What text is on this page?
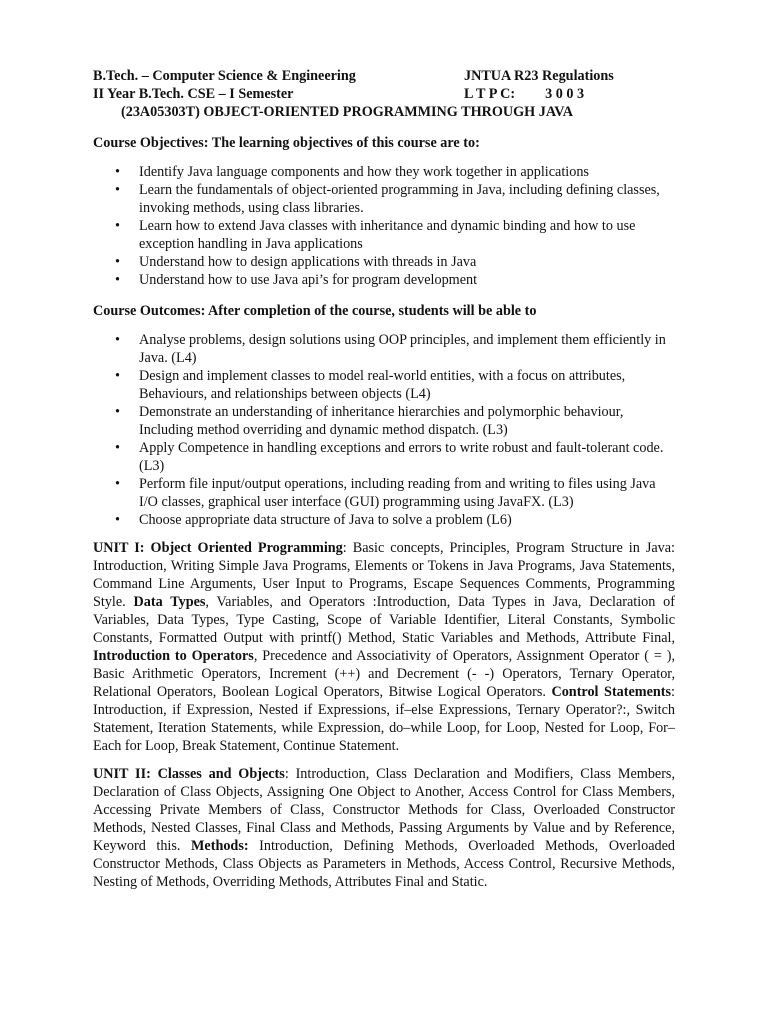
B.Tech. – Computer Science & Engineering	JNTUA R23 Regulations
II Year B.Tech. CSE – I Semester	L T P C: 3 0 0 3
(23A05303T) OBJECT-ORIENTED PROGRAMMING THROUGH JAVA

Course Objectives: The learning objectives of this course are to:

• Identify Java language components and how they work together in applications
• Learn the fundamentals of object-oriented programming in Java, including defining classes, invoking methods, using class libraries.
• Learn how to extend Java classes with inheritance and dynamic binding and how to use exception handling in Java applications
• Understand how to design applications with threads in Java
• Understand how to use Java api’s for program development

Course Outcomes: After completion of the course, students will be able to

• Analyse problems, design solutions using OOP principles, and implement them efficiently in Java. (L4)
• Design and implement classes to model real-world entities, with a focus on attributes, Behaviours, and relationships between objects (L4)
• Demonstrate an understanding of inheritance hierarchies and polymorphic behaviour, Including method overriding and dynamic method dispatch. (L3)
• Apply Competence in handling exceptions and errors to write robust and fault-tolerant code.(L3)
• Perform file input/output operations, including reading from and writing to files using Java I/O classes, graphical user interface (GUI) programming using JavaFX. (L3)
• Choose appropriate data structure of Java to solve a problem (L6)

UNIT I: Object Oriented Programming: Basic concepts, Principles, Program Structure in Java: Introduction, Writing Simple Java Programs, Elements or Tokens in Java Programs, Java Statements, Command Line Arguments, User Input to Programs, Escape Sequences Comments, Programming Style. Data Types, Variables, and Operators :Introduction, Data Types in Java, Declaration of Variables, Data Types, Type Casting, Scope of Variable Identifier, Literal Constants, Symbolic Constants, Formatted Output with printf() Method, Static Variables and Methods, Attribute Final, Introduction to Operators, Precedence and Associativity of Operators, Assignment Operator ( = ), Basic Arithmetic Operators, Increment (++) and Decrement (- -) Operators, Ternary Operator, Relational Operators, Boolean Logical Operators, Bitwise Logical Operators. Control Statements: Introduction, if Expression, Nested if Expressions, if–else Expressions, Ternary Operator?:, Switch Statement, Iteration Statements, while Expression, do–while Loop, for Loop, Nested for Loop, For–Each for Loop, Break Statement, Continue Statement.

UNIT II: Classes and Objects: Introduction, Class Declaration and Modifiers, Class Members, Declaration of Class Objects, Assigning One Object to Another, Access Control for Class Members, Accessing Private Members of Class, Constructor Methods for Class, Overloaded Constructor Methods, Nested Classes, Final Class and Methods, Passing Arguments by Value and by Reference, Keyword this. Methods: Introduction, Defining Methods, Overloaded Methods, Overloaded Constructor Methods, Class Objects as Parameters in Methods, Access Control, Recursive Methods, Nesting of Methods, Overriding Methods, Attributes Final and Static.
